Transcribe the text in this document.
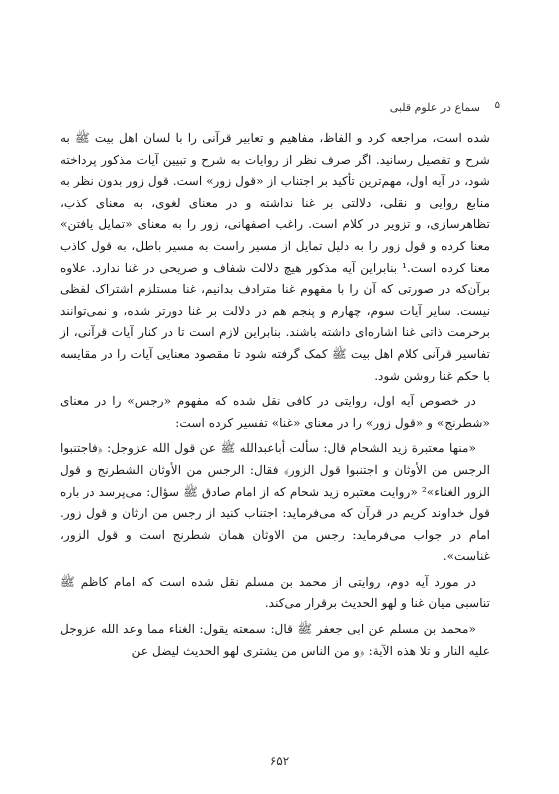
۵
سماع در علوم قلبی

شده است، مراجعه کرد و الفاظ، مفاهیم و تعابیر قرآنی را با لسان اهل بیت ﷺ به شرح و تفصیل رسانید. اگر صرف نظر از روایات به شرح و تبیین آیات مذکور پرداخته شود، در آیه اول، مهم‌ترین تأکید بر اجتناب از «قول زور» است. قول زور بدون نظر به منابع روایی و نقلی، دلالتی بر غنا نداشته و در معنای لغوی، به معنای کذب، تظاهرسازی، و تزویر در کلام است. راغب اصفهانی، زور را به معنای «تمایل یافتن» معنا کرده و قول زور را به دلیل تمایل از مسیر راست به مسیر باطل، به قول کاذب معنا کرده است.¹ بنابراین آیه مذکور هیچ دلالت شفاف و صریحی در غنا ندارد. علاوه برآن‌که در صورتی که آن را با مفهوم غنا مترادف بدانیم، غنا مستلزم اشتراک لفظی نیست. سایر آیات سوم، چهارم و پنجم هم در دلالت بر غنا دورتر شده، و نمی‌توانند برحرمت ذاتی غنا اشاره‌ای داشته باشند. بنابراین لازم است تا در کنار آیات قرآنی، از تفاسیر قرآنی کلام اهل بیت ﷺ کمک گرفته شود تا مقصود معنایی آیات را در مقایسه با حکم غنا روشن شود.

در خصوص آیه اول، روایتی در کافی نقل شده که مفهوم «رجس» را در معنای «شطرنج» و «قول زور» را در معنای «غنا» تفسیر کرده است:

«منها معتبرة زید الشحام قال: سألت أباعبدالله ﷺ عن قول الله عزوجل: ﴿فاجتنبوا الرجس من الأوثان و اجتنبوا قول الزور﴾ فقال: الرجس من الأوثان الشطرنج و قول الزور الغناء»² «روایت معتبره زید شحام که از امام صادق ﷺ سؤال: می‌پرسد در باره قول خداوند کریم در قرآن که می‌فرماید: اجتناب کنید از رجس من ارثان و قول زور. امام در جواب می‌فرماید: رجس من الاوثان همان شطرنج است و قول الزور، غناست».

در مورد آیه دوم، روایتی از محمد بن مسلم نقل شده است که امام کاظم ﷺ تناسبی میان غنا و لهو الحدیث برقرار می‌کند.

«محمد بن مسلم عن ابی جعفر ﷺ قال: سمعته یقول: الغناء مما وعد الله عزوجل علیه النار و تلا هذه الآیة: ﴿و من الناس من یشتری لهو الحدیث لیضل عن

۶۵۲
